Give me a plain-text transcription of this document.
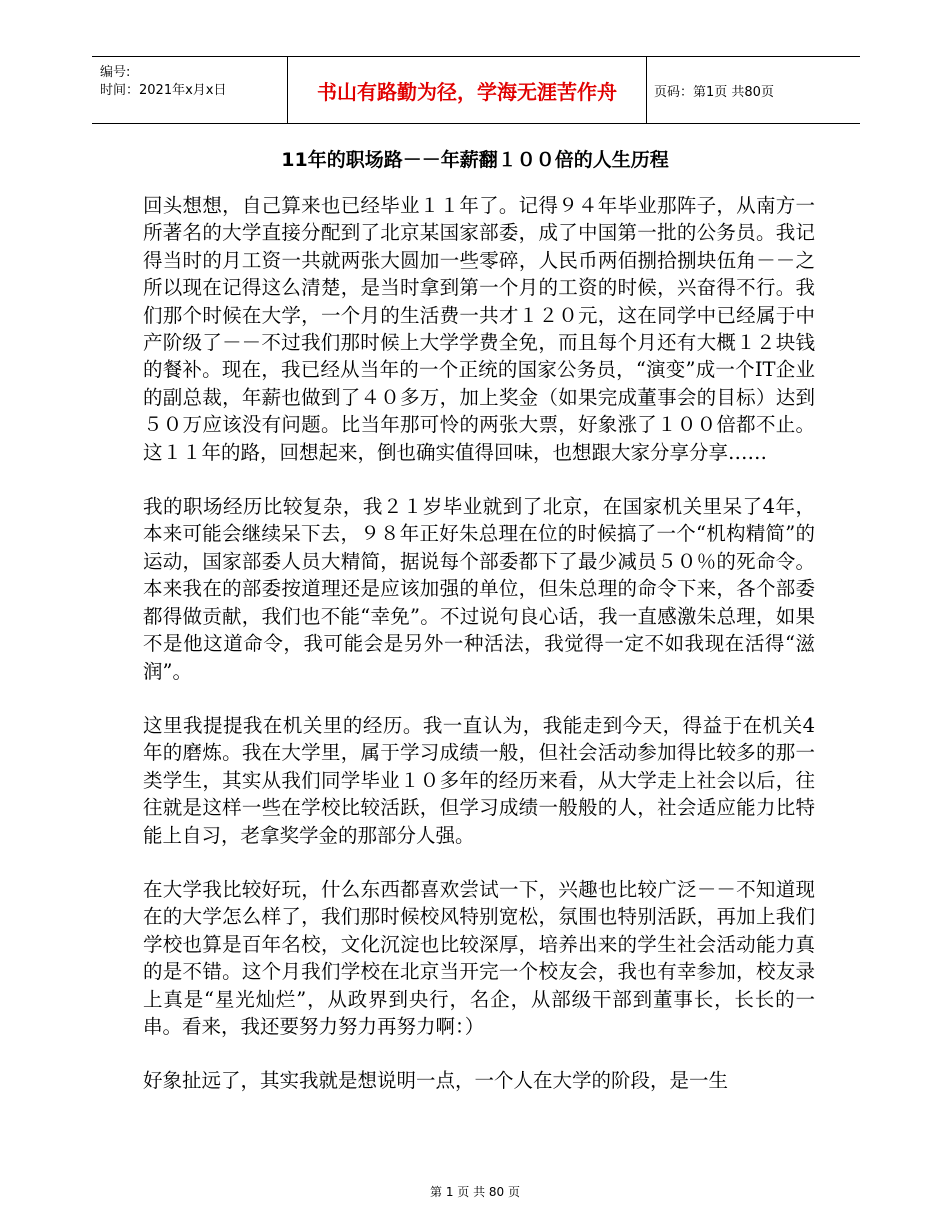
编号:
时间：2021年x月x日	书山有路勤为径，学海无涯苦作舟	页码：第1页 共80页
11年的职场路－－年薪翻１００倍的人生历程

回头想想，自己算来也已经毕业１１年了。记得９４年毕业那阵子，从南方一所著名的大学直接分配到了北京某国家部委，成了中国第一批的公务员。我记得当时的月工资一共就两张大圆加一些零碎，人民币两佰捌拾捌块伍角－－之所以现在记得这么清楚，是当时拿到第一个月的工资的时候，兴奋得不行。我们那个时候在大学，一个月的生活费一共才１２０元，这在同学中已经属于中产阶级了－－不过我们那时候上大学学费全免，而且每个月还有大概１２块钱的餐补。现在，我已经从当年的一个正统的国家公务员，“演变”成一个IT企业的副总裁，年薪也做到了４０多万，加上奖金（如果完成董事会的目标）达到５０万应该没有问题。比当年那可怜的两张大票，好象涨了１００倍都不止。这１１年的路，回想起来，倒也确实值得回味，也想跟大家分享分享……

我的职场经历比较复杂，我２１岁毕业就到了北京，在国家机关里呆了4年，本来可能会继续呆下去，９８年正好朱总理在位的时候搞了一个“机构精简”的运动，国家部委人员大精简，据说每个部委都下了最少减员５０％的死命令。本来我在的部委按道理还是应该加强的单位，但朱总理的命令下来，各个部委都得做贡献，我们也不能“幸免”。不过说句良心话，我一直感激朱总理，如果不是他这道命令，我可能会是另外一种活法，我觉得一定不如我现在活得“滋润”。

这里我提提我在机关里的经历。我一直认为，我能走到今天，得益于在机关4年的磨炼。我在大学里，属于学习成绩一般，但社会活动参加得比较多的那一类学生，其实从我们同学毕业１０多年的经历来看，从大学走上社会以后，往往就是这样一些在学校比较活跃，但学习成绩一般般的人，社会适应能力比特能上自习，老拿奖学金的那部分人强。

在大学我比较好玩，什么东西都喜欢尝试一下，兴趣也比较广泛－－不知道现在的大学怎么样了，我们那时候校风特别宽松，氛围也特别活跃，再加上我们学校也算是百年名校，文化沉淀也比较深厚，培养出来的学生社会活动能力真的是不错。这个月我们学校在北京当开完一个校友会，我也有幸参加，校友录上真是“星光灿烂”，从政界到央行，名企，从部级干部到董事长，长长的一串。看来，我还要努力努力再努力啊：）

好象扯远了，其实我就是想说明一点，一个人在大学的阶段，是一生

第 1 页 共 80 页
